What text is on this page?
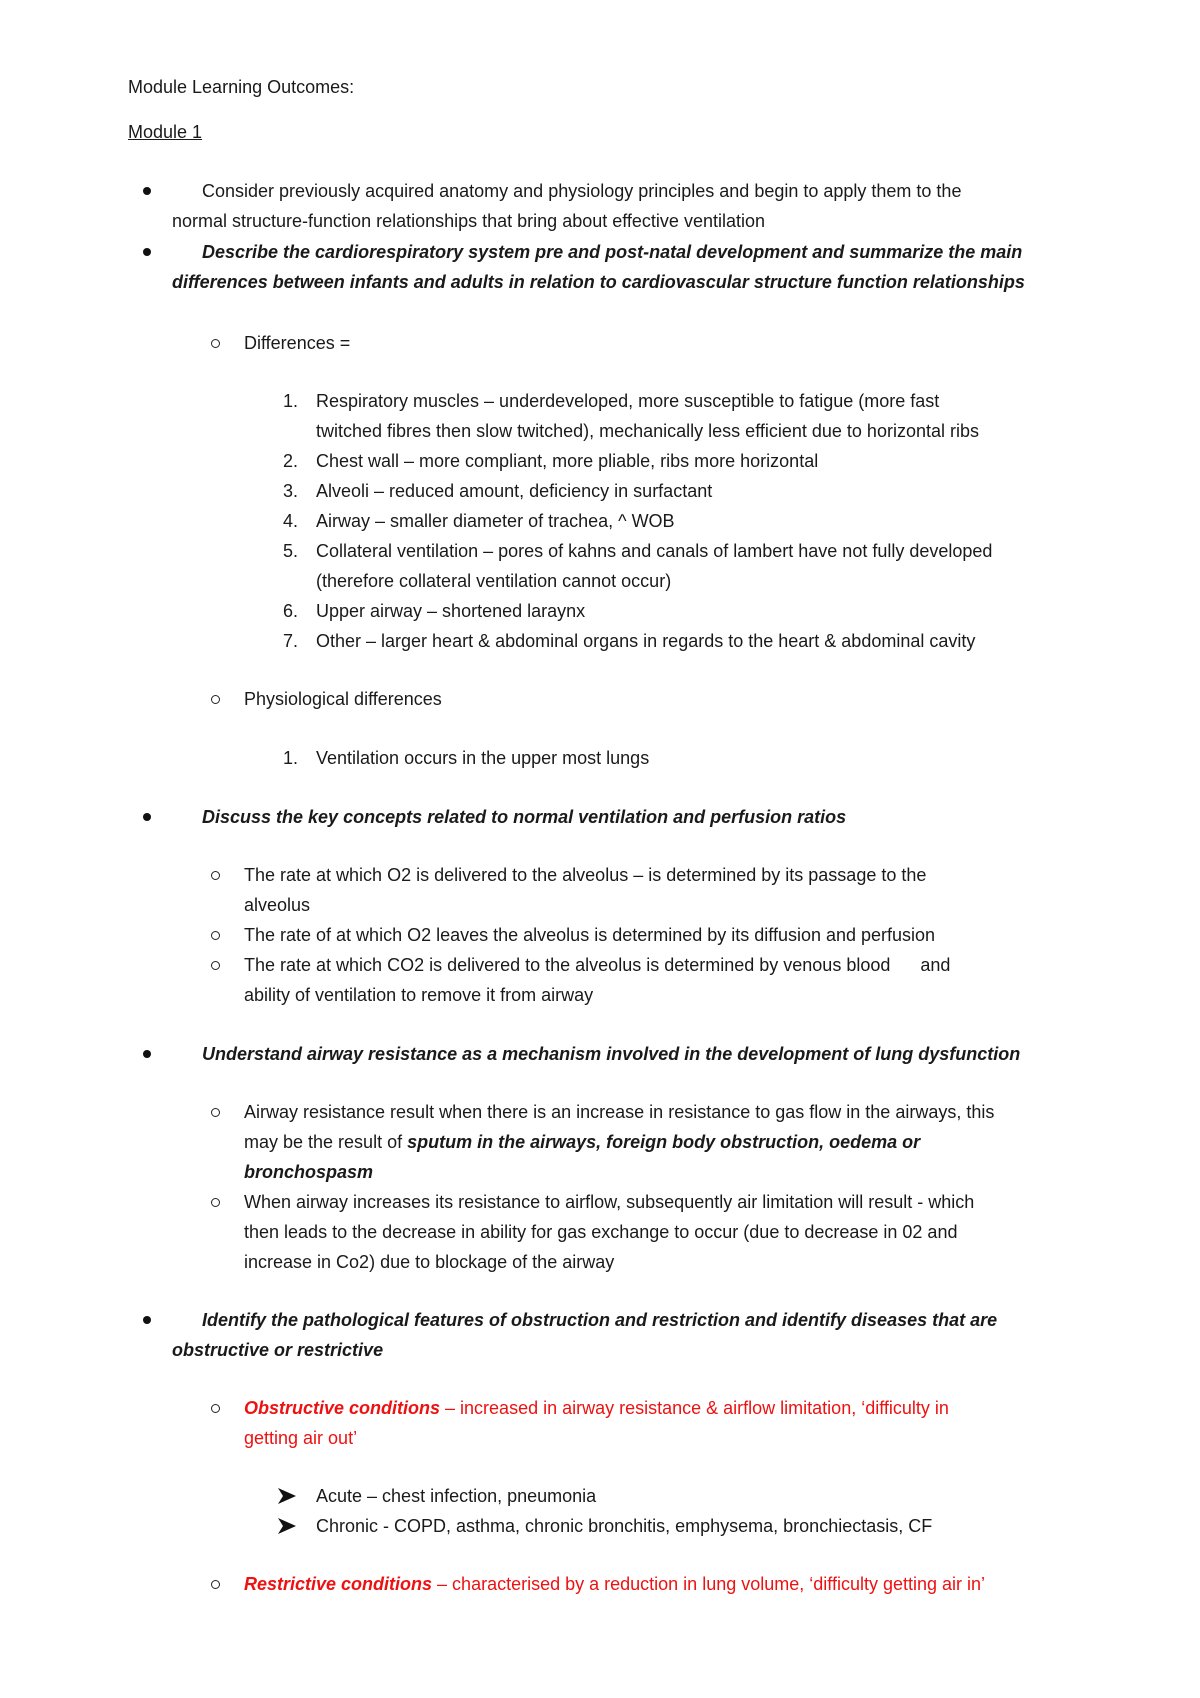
Module Learning Outcomes:
Module 1
Consider previously acquired anatomy and physiology principles and begin to apply them to the
normal structure-function relationships that bring about effective ventilation
Describe the cardiorespiratory system pre and post-natal development and summarize the main
differences between infants and adults in relation to cardiovascular structure function relationships
Differences =
1. Respiratory muscles – underdeveloped, more susceptible to fatigue (more fast
twitched fibres then slow twitched), mechanically less efficient due to horizontal ribs
2. Chest wall – more compliant, more pliable, ribs more horizontal
3. Alveoli – reduced amount, deficiency in surfactant
4. Airway – smaller diameter of trachea, ^ WOB
5. Collateral ventilation – pores of kahns and canals of lambert have not fully developed
(therefore collateral ventilation cannot occur)
6. Upper airway – shortened laraynx
7. Other – larger heart & abdominal organs in regards to the heart & abdominal cavity
Physiological differences
1. Ventilation occurs in the upper most lungs
Discuss the key concepts related to normal ventilation and perfusion ratios
The rate at which O2 is delivered to the alveolus – is determined by its passage to the
alveolus
The rate of at which O2 leaves the alveolus is determined by its diffusion and perfusion
The rate at which CO2 is delivered to the alveolus is determined by venous blood      and
ability of ventilation to remove it from airway
Understand airway resistance as a mechanism involved in the development of lung dysfunction
Airway resistance result when there is an increase in resistance to gas flow in the airways, this
may be the result of sputum in the airways, foreign body obstruction, oedema or
bronchospasm
When airway increases its resistance to airflow, subsequently air limitation will result - which
then leads to the decrease in ability for gas exchange to occur (due to decrease in 02 and
increase in Co2) due to blockage of the airway
Identify the pathological features of obstruction and restriction and identify diseases that are
obstructive or restrictive
Obstructive conditions – increased in airway resistance & airflow limitation, ‘difficulty in
getting air out’
Acute – chest infection, pneumonia
Chronic - COPD, asthma, chronic bronchitis, emphysema, bronchiectasis, CF
Restrictive conditions – characterised by a reduction in lung volume, ‘difficulty getting air in’
